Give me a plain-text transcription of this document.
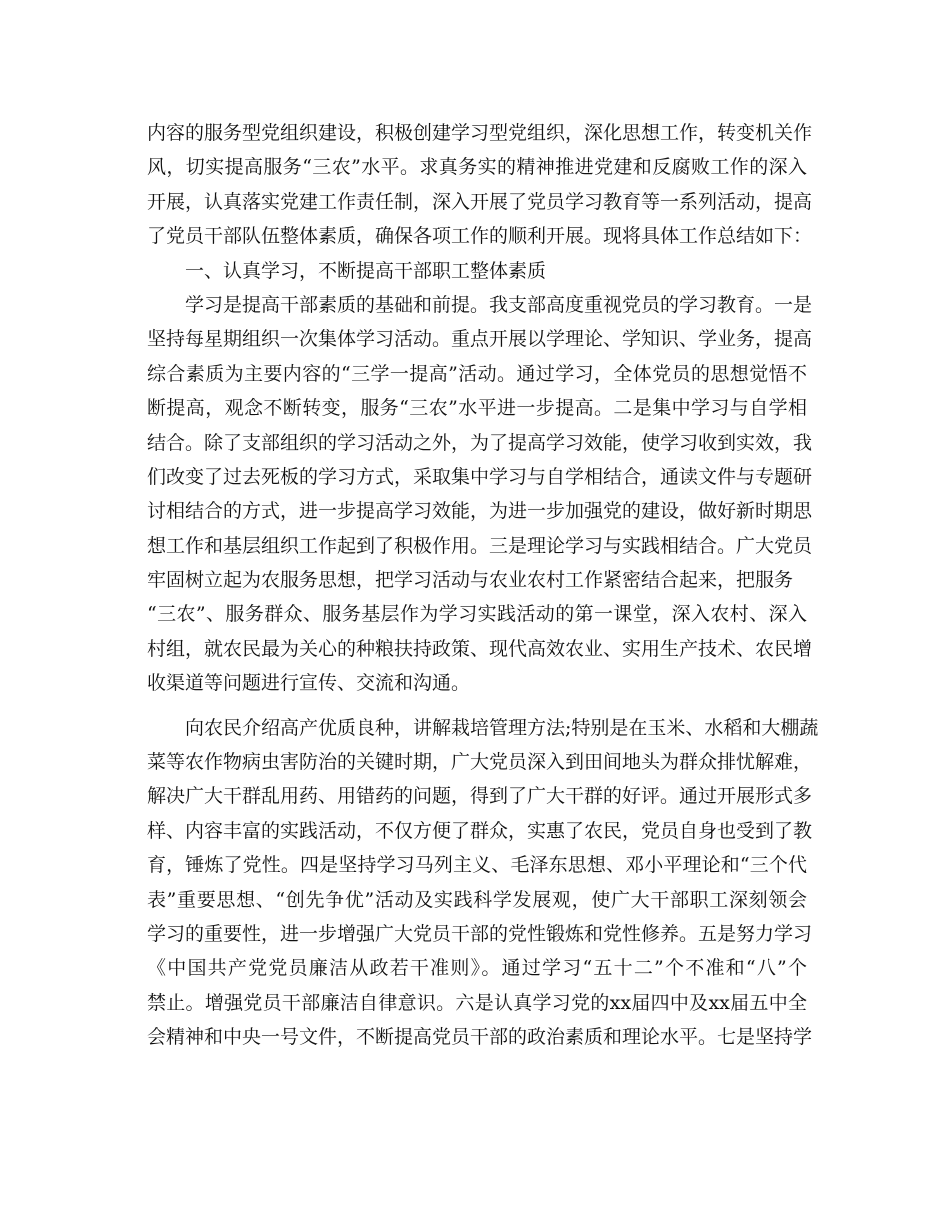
内容的服务型党组织建设，积极创建学习型党组织，深化思想工作，转变机关作
风，切实提高服务“三农”水平。求真务实的精神推进党建和反腐败工作的深入
开展，认真落实党建工作责任制，深入开展了党员学习教育等一系列活动，提高
了党员干部队伍整体素质，确保各项工作的顺利开展。现将具体工作总结如下：
　　一、认真学习，不断提高干部职工整体素质
　　学习是提高干部素质的基础和前提。我支部高度重视党员的学习教育。一是
坚持每星期组织一次集体学习活动。重点开展以学理论、学知识、学业务，提高
综合素质为主要内容的“三学一提高”活动。通过学习，全体党员的思想觉悟不
断提高，观念不断转变，服务“三农”水平进一步提高。二是集中学习与自学相
结合。除了支部组织的学习活动之外，为了提高学习效能，使学习收到实效，我
们改变了过去死板的学习方式，采取集中学习与自学相结合，通读文件与专题研
讨相结合的方式，进一步提高学习效能，为进一步加强党的建设，做好新时期思
想工作和基层组织工作起到了积极作用。三是理论学习与实践相结合。广大党员
牢固树立起为农服务思想，把学习活动与农业农村工作紧密结合起来，把服务
“三农”、服务群众、服务基层作为学习实践活动的第一课堂，深入农村、深入
村组，就农民最为关心的种粮扶持政策、现代高效农业、实用生产技术、农民增
收渠道等问题进行宣传、交流和沟通。
　　向农民介绍高产优质良种，讲解栽培管理方法;特别是在玉米、水稻和大棚蔬
菜等农作物病虫害防治的关键时期，广大党员深入到田间地头为群众排忧解难，
解决广大干群乱用药、用错药的问题，得到了广大干群的好评。通过开展形式多
样、内容丰富的实践活动，不仅方便了群众，实惠了农民，党员自身也受到了教
育，锤炼了党性。四是坚持学习马列主义、毛泽东思想、邓小平理论和“三个代
表”重要思想、“创先争优”活动及实践科学发展观，使广大干部职工深刻领会
学习的重要性，进一步增强广大党员干部的党性锻炼和党性修养。五是努力学习
《中国共产党党员廉洁从政若干准则》。通过学习“五十二”个不准和“八”个
禁止。增强党员干部廉洁自律意识。六是认真学习党的xx届四中及xx届五中全
会精神和中央一号文件，不断提高党员干部的政治素质和理论水平。七是坚持学
